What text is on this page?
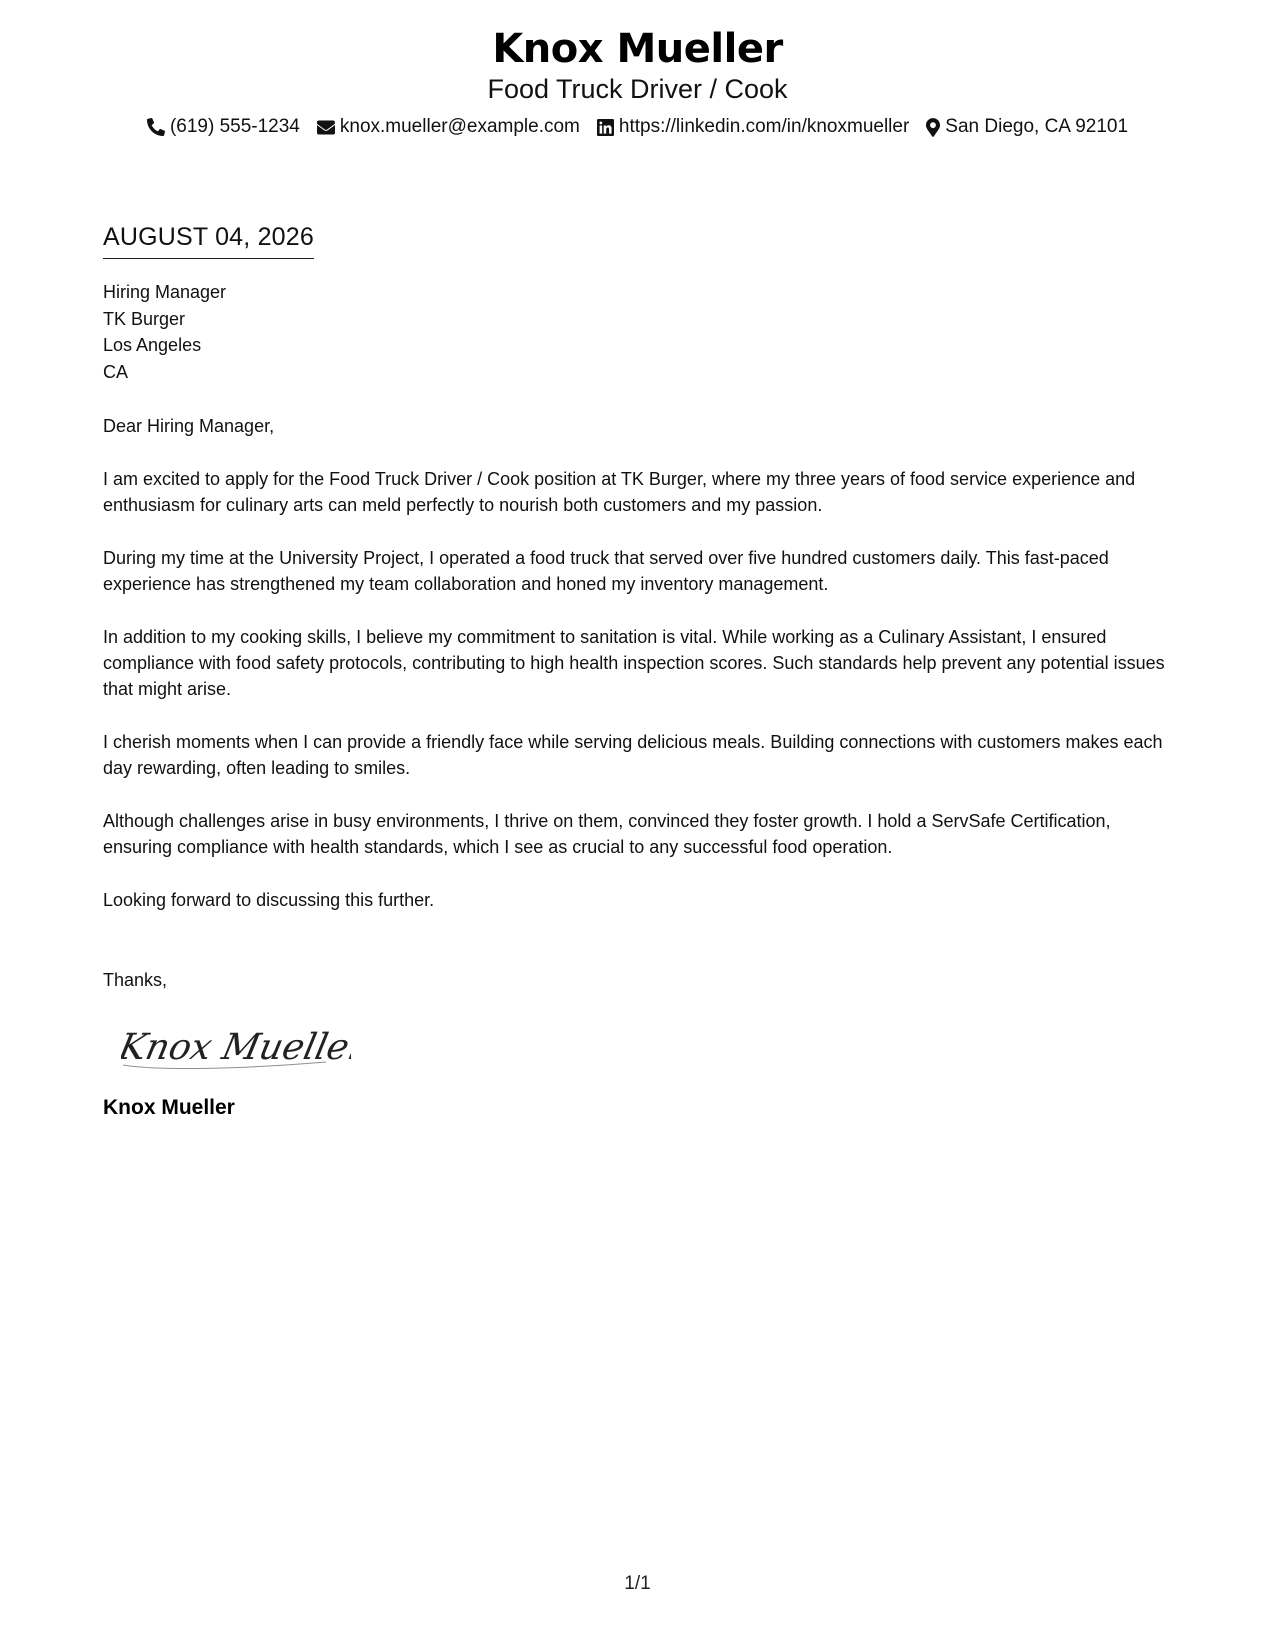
Knox Mueller
Food Truck Driver / Cook
(619) 555-1234 knox.mueller@example.com https://linkedin.com/in/knoxmueller San Diego, CA 92101
AUGUST 04, 2026
Hiring Manager
TK Burger
Los Angeles
CA
Dear Hiring Manager,
I am excited to apply for the Food Truck Driver / Cook position at TK Burger, where my three years of food service experience and enthusiasm for culinary arts can meld perfectly to nourish both customers and my passion.
During my time at the University Project, I operated a food truck that served over five hundred customers daily. This fast-paced experience has strengthened my team collaboration and honed my inventory management.
In addition to my cooking skills, I believe my commitment to sanitation is vital. While working as a Culinary Assistant, I ensured compliance with food safety protocols, contributing to high health inspection scores. Such standards help prevent any potential issues that might arise.
I cherish moments when I can provide a friendly face while serving delicious meals. Building connections with customers makes each day rewarding, often leading to smiles.
Although challenges arise in busy environments, I thrive on them, convinced they foster growth. I hold a ServSafe Certification, ensuring compliance with health standards, which I see as crucial to any successful food operation.
Looking forward to discussing this further.
Thanks,
Knox Mueller
Knox Mueller
1/1
